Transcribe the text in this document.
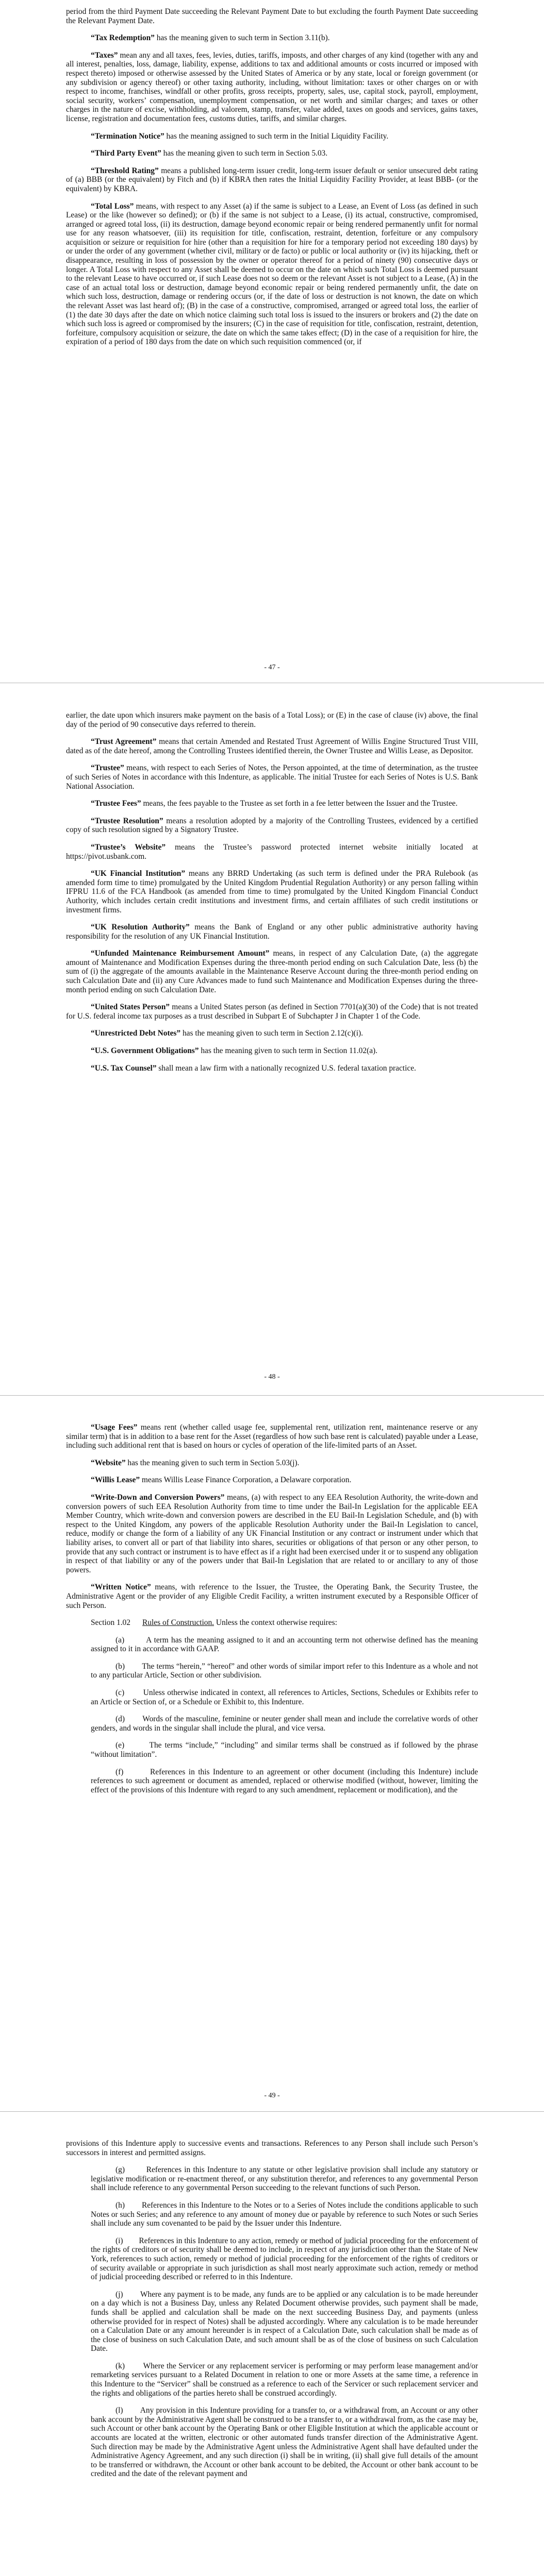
period from the third Payment Date succeeding the Relevant Payment Date to but excluding the fourth Payment Date succeeding the Relevant Payment Date.

“Tax Redemption” has the meaning given to such term in Section 3.11(b).

“Taxes” mean any and all taxes, fees, levies, duties, tariffs, imposts, and other charges of any kind (together with any and all interest, penalties, loss, damage, liability, expense, additions to tax and additional amounts or costs incurred or imposed with respect thereto) imposed or otherwise assessed by the United States of America or by any state, local or foreign government (or any subdivision or agency thereof) or other taxing authority, including, without limitation: taxes or other charges on or with respect to income, franchises, windfall or other profits, gross receipts, property, sales, use, capital stock, payroll, employment, social security, workers’ compensation, unemployment compensation, or net worth and similar charges; and taxes or other charges in the nature of excise, withholding, ad valorem, stamp, transfer, value added, taxes on goods and services, gains taxes, license, registration and documentation fees, customs duties, tariffs, and similar charges.

“Termination Notice” has the meaning assigned to such term in the Initial Liquidity Facility.

“Third Party Event” has the meaning given to such term in Section 5.03.

“Threshold Rating” means a published long-term issuer credit, long-term issuer default or senior unsecured debt rating of (a) BBB (or the equivalent) by Fitch and (b) if KBRA then rates the Initial Liquidity Facility Provider, at least BBB- (or the equivalent) by KBRA.

“Total Loss” means, with respect to any Asset (a) if the same is subject to a Lease, an Event of Loss (as defined in such Lease) or the like (however so defined); or (b) if the same is not subject to a Lease, (i) its actual, constructive, compromised, arranged or agreed total loss, (ii) its destruction, damage beyond economic repair or being rendered permanently unfit for normal use for any reason whatsoever, (iii) its requisition for title, confiscation, restraint, detention, forfeiture or any compulsory acquisition or seizure or requisition for hire (other than a requisition for hire for a temporary period not exceeding 180 days) by or under the order of any government (whether civil, military or de facto) or public or local authority or (iv) its hijacking, theft or disappearance, resulting in loss of possession by the owner or operator thereof for a period of ninety (90) consecutive days or longer. A Total Loss with respect to any Asset shall be deemed to occur on the date on which such Total Loss is deemed pursuant to the relevant Lease to have occurred or, if such Lease does not so deem or the relevant Asset is not subject to a Lease, (A) in the case of an actual total loss or destruction, damage beyond economic repair or being rendered permanently unfit, the date on which such loss, destruction, damage or rendering occurs (or, if the date of loss or destruction is not known, the date on which the relevant Asset was last heard of); (B) in the case of a constructive, compromised, arranged or agreed total loss, the earlier of (1) the date 30 days after the date on which notice claiming such total loss is issued to the insurers or brokers and (2) the date on which such loss is agreed or compromised by the insurers; (C) in the case of requisition for title, confiscation, restraint, detention, forfeiture, compulsory acquisition or seizure, the date on which the same takes effect; (D) in the case of a requisition for hire, the expiration of a period of 180 days from the date on which such requisition commenced (or, if

- 47 -

earlier, the date upon which insurers make payment on the basis of a Total Loss); or (E) in the case of clause (iv) above, the final day of the period of 90 consecutive days referred to therein.

“Trust Agreement” means that certain Amended and Restated Trust Agreement of Willis Engine Structured Trust VIII, dated as of the date hereof, among the Controlling Trustees identified therein, the Owner Trustee and Willis Lease, as Depositor.

“Trustee” means, with respect to each Series of Notes, the Person appointed, at the time of determination, as the trustee of such Series of Notes in accordance with this Indenture, as applicable. The initial Trustee for each Series of Notes is U.S. Bank National Association.

“Trustee Fees” means, the fees payable to the Trustee as set forth in a fee letter between the Issuer and the Trustee.

“Trustee Resolution” means a resolution adopted by a majority of the Controlling Trustees, evidenced by a certified copy of such resolution signed by a Signatory Trustee.

“Trustee’s Website” means the Trustee’s password protected internet website initially located at https://pivot.usbank.com.

“UK Financial Institution” means any BRRD Undertaking (as such term is defined under the PRA Rulebook (as amended form time to time) promulgated by the United Kingdom Prudential Regulation Authority) or any person falling within IFPRU 11.6 of the FCA Handbook (as amended from time to time) promulgated by the United Kingdom Financial Conduct Authority, which includes certain credit institutions and investment firms, and certain affiliates of such credit institutions or investment firms.

“UK Resolution Authority” means the Bank of England or any other public administrative authority having responsibility for the resolution of any UK Financial Institution.

“Unfunded Maintenance Reimbursement Amount” means, in respect of any Calculation Date, (a) the aggregate amount of Maintenance and Modification Expenses during the three-month period ending on such Calculation Date, less (b) the sum of (i) the aggregate of the amounts available in the Maintenance Reserve Account during the three-month period ending on such Calculation Date and (ii) any Cure Advances made to fund such Maintenance and Modification Expenses during the three-month period ending on such Calculation Date.

“United States Person” means a United States person (as defined in Section 7701(a)(30) of the Code) that is not treated for U.S. federal income tax purposes as a trust described in Subpart E of Subchapter J in Chapter 1 of the Code.

“Unrestricted Debt Notes” has the meaning given to such term in Section 2.12(c)(i).

“U.S. Government Obligations” has the meaning given to such term in Section 11.02(a).

“U.S. Tax Counsel” shall mean a law firm with a nationally recognized U.S. federal taxation practice.

- 48 -

“Usage Fees” means rent (whether called usage fee, supplemental rent, utilization rent, maintenance reserve or any similar term) that is in addition to a base rent for the Asset (regardless of how such base rent is calculated) payable under a Lease, including such additional rent that is based on hours or cycles of operation of the life-limited parts of an Asset.

“Website” has the meaning given to such term in Section 5.03(j).

“Willis Lease” means Willis Lease Finance Corporation, a Delaware corporation.

“Write-Down and Conversion Powers” means, (a) with respect to any EEA Resolution Authority, the write-down and conversion powers of such EEA Resolution Authority from time to time under the Bail-In Legislation for the applicable EEA Member Country, which write-down and conversion powers are described in the EU Bail-In Legislation Schedule, and (b) with respect to the United Kingdom, any powers of the applicable Resolution Authority under the Bail-In Legislation to cancel, reduce, modify or change the form of a liability of any UK Financial Institution or any contract or instrument under which that liability arises, to convert all or part of that liability into shares, securities or obligations of that person or any other person, to provide that any such contract or instrument is to have effect as if a right had been exercised under it or to suspend any obligation in respect of that liability or any of the powers under that Bail-In Legislation that are related to or ancillary to any of those powers.

“Written Notice” means, with reference to the Issuer, the Trustee, the Operating Bank, the Security Trustee, the Administrative Agent or the provider of any Eligible Credit Facility, a written instrument executed by a Responsible Officer of such Person.

Section 1.02 Rules of Construction. Unless the context otherwise requires:

(a)	A term has the meaning assigned to it and an accounting term not otherwise defined has the meaning assigned to it in accordance with GAAP.

(b) The terms “herein,” “hereof” and other words of similar import refer to this Indenture as a whole and not to any particular Article, Section or other subdivision.

(c) Unless otherwise indicated in context, all references to Articles, Sections, Schedules or Exhibits refer to an Article or Section of, or a Schedule or Exhibit to, this Indenture.

(d) Words of the masculine, feminine or neuter gender shall mean and include the correlative words of other genders, and words in the singular shall include the plural, and vice versa.

(e)	The terms “include,” “including” and similar terms shall be construed as if followed by the phrase “without limitation”.

(f)	References in this Indenture to an agreement or other document (including this Indenture) include references to such agreement or document as amended, replaced or otherwise modified (without, however, limiting the effect of the provisions of this Indenture with regard to any such amendment, replacement or modification), and the

- 49 -

provisions of this Indenture apply to successive events and transactions. References to any Person shall include such Person’s successors in interest and permitted assigns.

(g)	References in this Indenture to any statute or other legislative provision shall include any statutory or legislative modification or re-enactment thereof, or any substitution therefor, and references to any governmental Person shall include reference to any governmental Person succeeding to the relevant functions of such Person.

(h) References in this Indenture to the Notes or to a Series of Notes include the conditions applicable to such Notes or such Series; and any reference to any amount of money due or payable by reference to such Notes or such Series shall include any sum covenanted to be paid by the Issuer under this Indenture.

(i) References in this Indenture to any action, remedy or method of judicial proceeding for the enforcement of the rights of creditors or of security shall be deemed to include, in respect of any jurisdiction other than the State of New York, references to such action, remedy or method of judicial proceeding for the enforcement of the rights of creditors or of security available or appropriate in such jurisdiction as shall most nearly approximate such action, remedy or method of judicial proceeding described or referred to in this Indenture.

(j) Where any payment is to be made, any funds are to be applied or any calculation is to be made hereunder on a day which is not a Business Day, unless any Related Document otherwise provides, such payment shall be made, funds shall be applied and calculation shall be made on the next succeeding Business Day, and payments (unless otherwise provided for in respect of Notes) shall be adjusted accordingly. Where any calculation is to be made hereunder on a Calculation Date or any amount hereunder is in respect of a Calculation Date, such calculation shall be made as of the close of business on such Calculation Date, and such amount shall be as of the close of business on such Calculation Date.

(k) Where the Servicer or any replacement servicer is performing or may perform lease management and/or remarketing services pursuant to a Related Document in relation to one or more Assets at the same time, a reference in this Indenture to the “Servicer” shall be construed as a reference to each of the Servicer or such replacement servicer and the rights and obligations of the parties hereto shall be construed accordingly.

(l) Any provision in this Indenture providing for a transfer to, or a withdrawal from, an Account or any other bank account by the Administrative Agent shall be construed to be a transfer to, or a withdrawal from, as the case may be, such Account or other bank account by the Operating Bank or other Eligible Institution at which the applicable account or accounts are located at the written, electronic or other automated funds transfer direction of the Administrative Agent. Such direction may be made by the Administrative Agent unless the Administrative Agent shall have defaulted under the Administrative Agency Agreement, and any such direction (i) shall be in writing, (ii) shall give full details of the amount to be transferred or withdrawn, the Account or other bank account to be debited, the Account or other bank account to be credited and the date of the relevant payment and
